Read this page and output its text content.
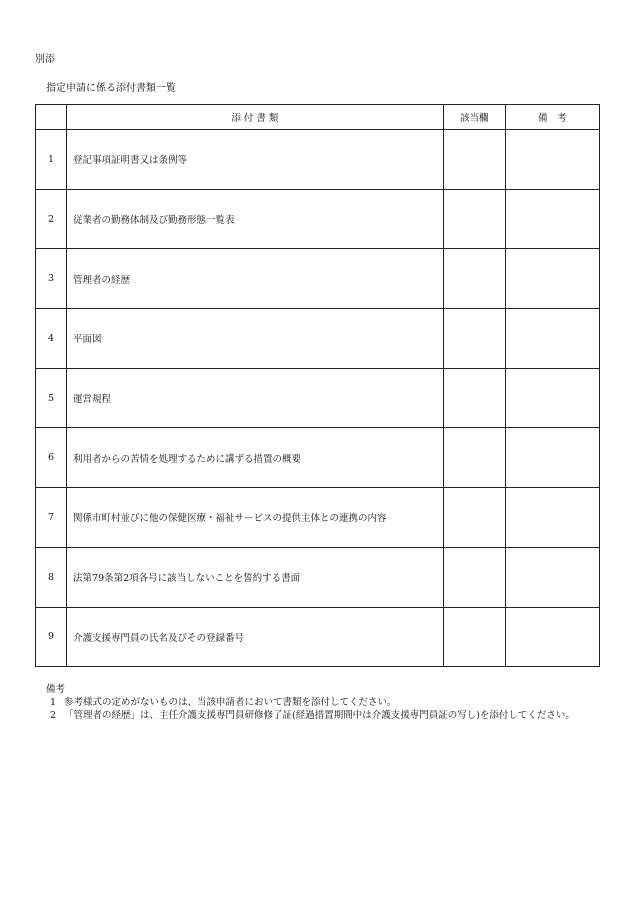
別添
指定申請に係る添付書類一覧
	添 付 書 類	該当欄	備　考
1	登記事項証明書又は条例等		
2	従業者の勤務体制及び勤務形態一覧表		
3	管理者の経歴		
4	平面図		
5	運営規程		
6	利用者からの苦情を処理するために講ずる措置の概要		
7	関係市町村並びに他の保健医療・福祉サービスの提供主体との連携の内容		
8	法第79条第2項各号に該当しないことを誓約する書面		
9	介護支援専門員の氏名及びその登録番号		
備考
1 参考様式の定めがないものは、当該申請者において書類を添付してください。
2 「管理者の経歴」は、主任介護支援専門員研修修了証(経過措置期間中は介護支援専門員証の写し)を添付してください。
